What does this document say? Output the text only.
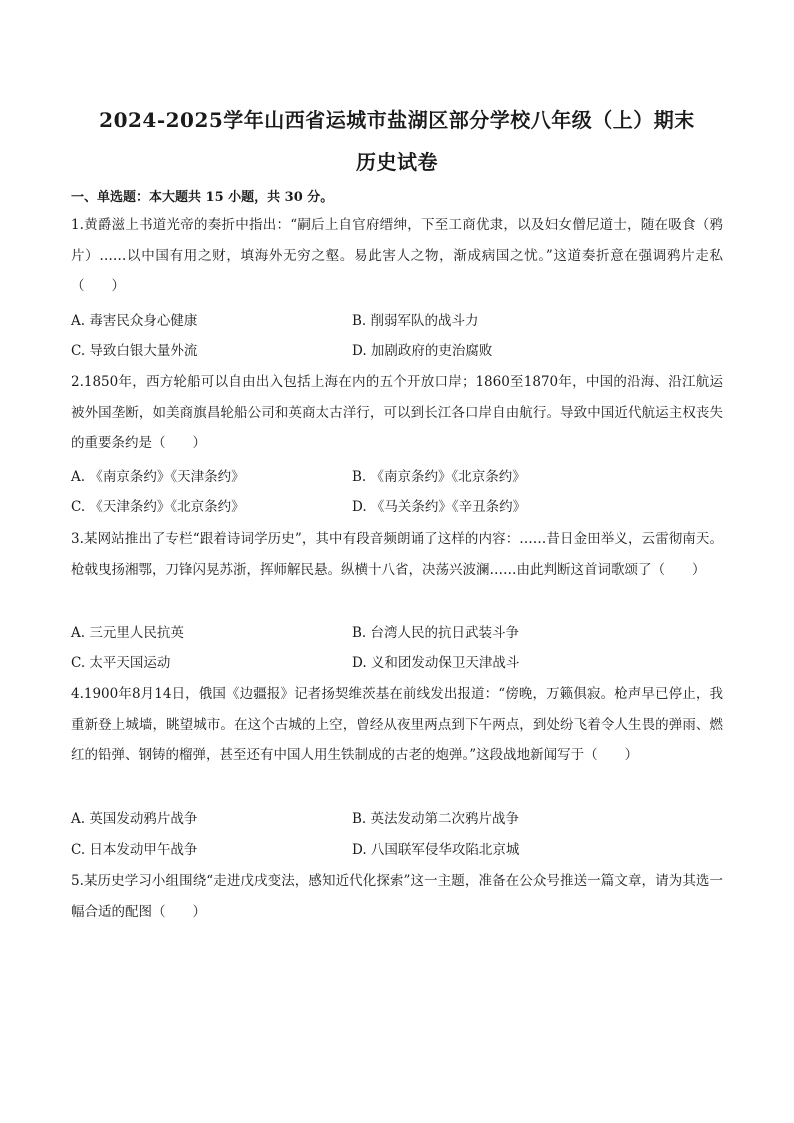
2024-2025学年山西省运城市盐湖区部分学校八年级（上）期末
历史试卷
一、单选题：本大题共 15 小题，共 30 分。
1.黄爵滋上书道光帝的奏折中指出：“嗣后上自官府缙绅，下至工商优隶，以及妇女僧尼道士，随在吸食（鸦片）……以中国有用之财，填海外无穷之壑。易此害人之物，渐成病国之忧。”这道奏折意在强调鸦片走私（　　）
A. 毒害民众身心健康	B. 削弱军队的战斗力
C. 导致白银大量外流	D. 加剧政府的吏治腐败
2.1850年，西方轮船可以自由出入包括上海在内的五个开放口岸；1860至1870年，中国的沿海、沿江航运被外国垄断，如美商旗昌轮船公司和英商太古洋行，可以到长江各口岸自由航行。导致中国近代航运主权丧失的重要条约是（　　）
A. 《南京条约》《天津条约》	B. 《南京条约》《北京条约》
C. 《天津条约》《北京条约》	D. 《马关条约》《辛丑条约》
3.某网站推出了专栏“跟着诗词学历史”，其中有段音频朗诵了这样的内容：……昔日金田举义，云雷彻南天。枪戟曳扬湘鄂，刀锋闪晃苏浙，挥师解民悬。纵横十八省，决荡兴波澜……由此判断这首词歌颂了（　　）
A. 三元里人民抗英	B. 台湾人民的抗日武装斗争
C. 太平天国运动	D. 义和团发动保卫天津战斗
4.1900年8月14日，俄国《边疆报》记者扬契维茨基在前线发出报道：“傍晚，万籁俱寂。枪声早已停止，我重新登上城墙，眺望城市。在这个古城的上空，曾经从夜里两点到下午两点，到处纷飞着令人生畏的弹雨、燃红的铅弹、钢铸的榴弹，甚至还有中国人用生铁制成的古老的炮弹。”这段战地新闻写于（　　）
A. 英国发动鸦片战争	B. 英法发动第二次鸦片战争
C. 日本发动甲午战争	D. 八国联军侵华攻陷北京城
5.某历史学习小组围绕“走进戊戌变法，感知近代化探索”这一主题，准备在公众号推送一篇文章，请为其选一幅合适的配图（　　）
